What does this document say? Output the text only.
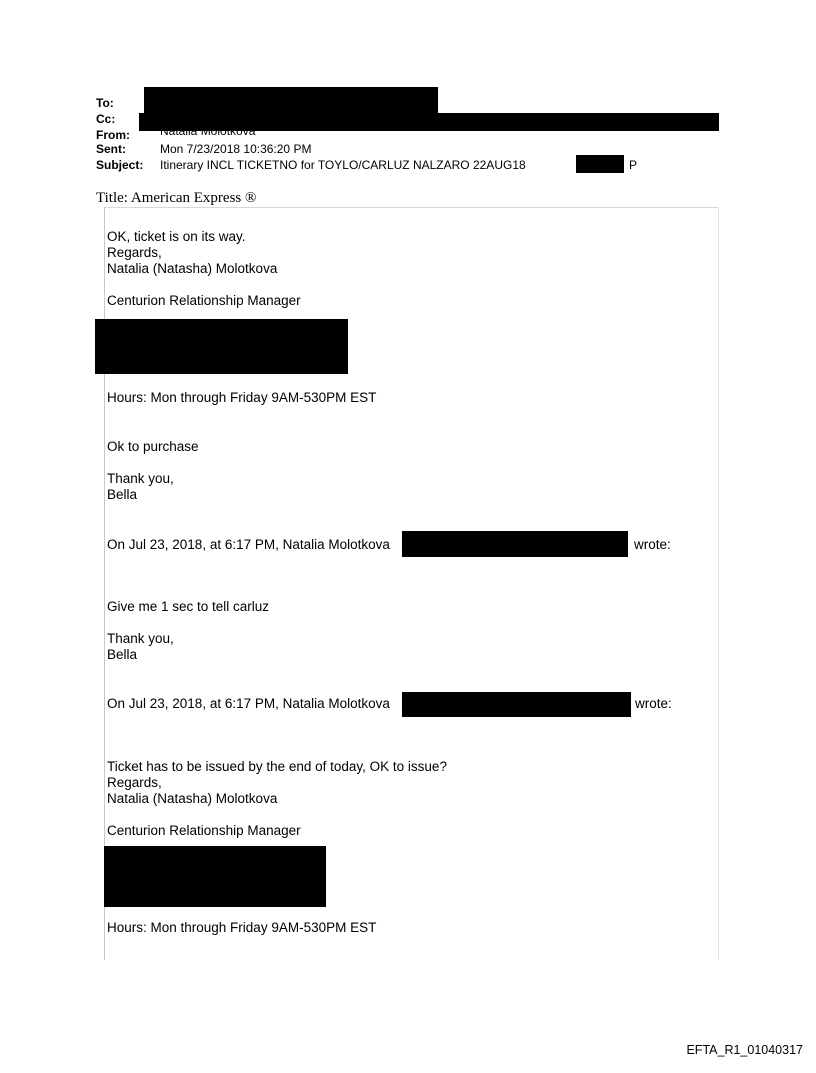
To:
Cc:
From:	Natalia Molotkova
Sent:	Mon 7/23/2018 10:36:20 PM
Subject: Itinerary INCL TICKETNO for TOYLO/CARLUZ NALZARO 22AUG18	P
Title: American Express ®
OK, ticket is on its way.
Regards,
Natalia (Natasha) Molotkova
Centurion Relationship Manager
Hours: Mon through Friday 9AM-530PM EST
Ok to purchase
Thank you,
Bella
On Jul 23, 2018, at 6:17 PM, Natalia Molotkova	wrote:
Give me 1 sec to tell carluz
Thank you,
Bella
On Jul 23, 2018, at 6:17 PM, Natalia Molotkova	wrote:
Ticket has to be issued by the end of today, OK to issue?
Regards,
Natalia (Natasha) Molotkova
Centurion Relationship Manager
Hours: Mon through Friday 9AM-530PM EST
EFTA_R1_01040317
